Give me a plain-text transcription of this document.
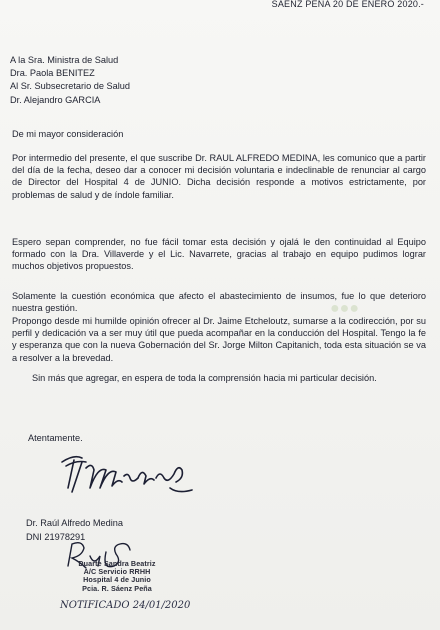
SAENZ PEÑA 20 DE ENERO 2020.-
A la Sra. Ministra de Salud
Dra. Paola BENITEZ
Al Sr. Subsecretario de Salud
Dr. Alejandro GARCIA
De mi mayor consideración
Por intermedio del presente, el que suscribe Dr. RAUL ALFREDO MEDINA, les comunico que a partir del día de la fecha, deseo dar a conocer mi decisión voluntaria e indeclinable de renunciar al cargo de Director del Hospital 4 de JUNIO. Dicha decisión responde a motivos estrictamente, por problemas de salud y de índole familiar.
Espero sepan comprender, no fue fácil tomar esta decisión y ojalá le den continuidad al Equipo formado con la Dra. Villaverde y el Lic. Navarrete, gracias al trabajo en equipo pudimos lograr muchos objetivos propuestos.
Solamente la cuestión económica que afecto el abastecimiento de insumos, fue lo que deterioro nuestra gestión.
Propongo desde mi humilde opinión ofrecer al Dr. Jaime Etcheloutz, sumarse a la codirección, por su perfil y dedicación va a ser muy útil que pueda acompañar en la conducción del Hospital. Tengo la fe y esperanza que con la nueva Gobernación del Sr. Jorge Milton Capitanich, toda esta situación se va a resolver a la brevedad.
Sin más que agregar, en espera de toda la comprensión hacia mi particular decisión.
Atentamente.
Dr. Raúl Alfredo Medina
DNI 21978291
Duarte Sandra Beatriz
A/C Servicio RRHH
Hospital 4 de Junio
Pcia. R. Sáenz Peña
NOTIFICADO 24/01/2020
●●●
